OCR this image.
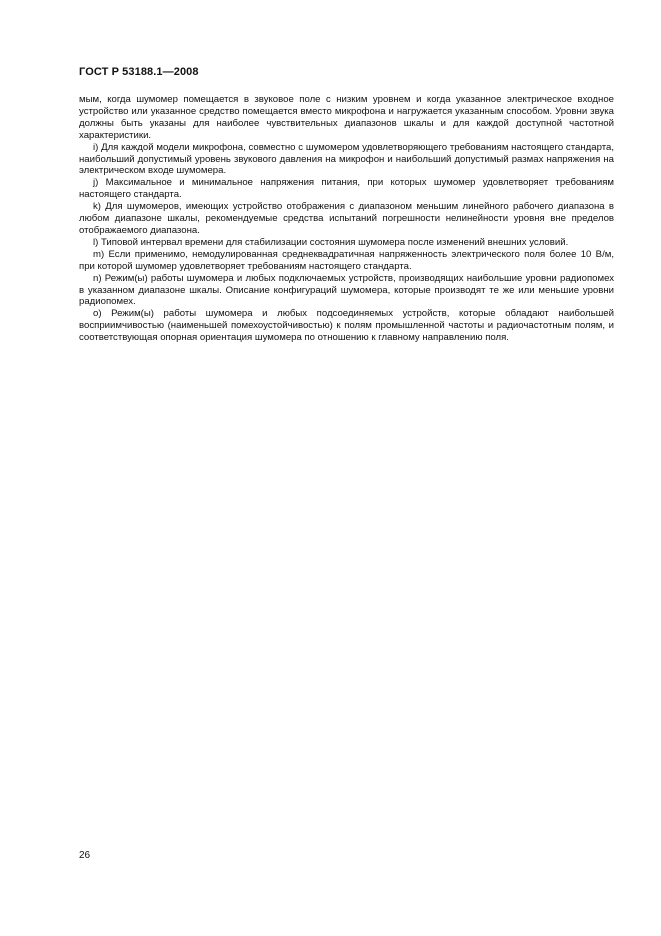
ГОСТ Р 53188.1—2008

мым, когда шумомер помещается в звуковое поле с низким уровнем и когда указанное электрическое входное устройство или указанное средство помещается вместо микрофона и нагружается указанным способом. Уровни звука должны быть указаны для наиболее чувствительных диапазонов шкалы и для каждой доступной частотной характеристики.

i) Для каждой модели микрофона, совместно с шумомером удовлетворяющего требованиям настоящего стандарта, наибольший допустимый уровень звукового давления на микрофон и наибольший допустимый размах напряжения на электрическом входе шумомера.

j) Максимальное и минимальное напряжения питания, при которых шумомер удовлетворяет требованиям настоящего стандарта.

k) Для шумомеров, имеющих устройство отображения с диапазоном меньшим линейного рабочего диапазона в любом диапазоне шкалы, рекомендуемые средства испытаний погрешности нелинейности уровня вне пределов отображаемого диапазона.

l) Типовой интервал времени для стабилизации состояния шумомера после изменений внешних условий.

m) Если применимо, немодулированная среднеквадратичная напряженность электрического поля более 10 В/м, при которой шумомер удовлетворяет требованиям настоящего стандарта.

n) Режим(ы) работы шумомера и любых подключаемых устройств, производящих наибольшие уровни радиопомех в указанном диапазоне шкалы. Описание конфигураций шумомера, которые производят те же или меньшие уровни радиопомех.

о) Режим(ы) работы шумомера и любых подсоединяемых устройств, которые обладают наибольшей восприимчивостью (наименьшей помехоустойчивостью) к полям промышленной частоты и радиочастотным полям, и соответствующая опорная ориентация шумомера по отношению к главному направлению поля.

26
